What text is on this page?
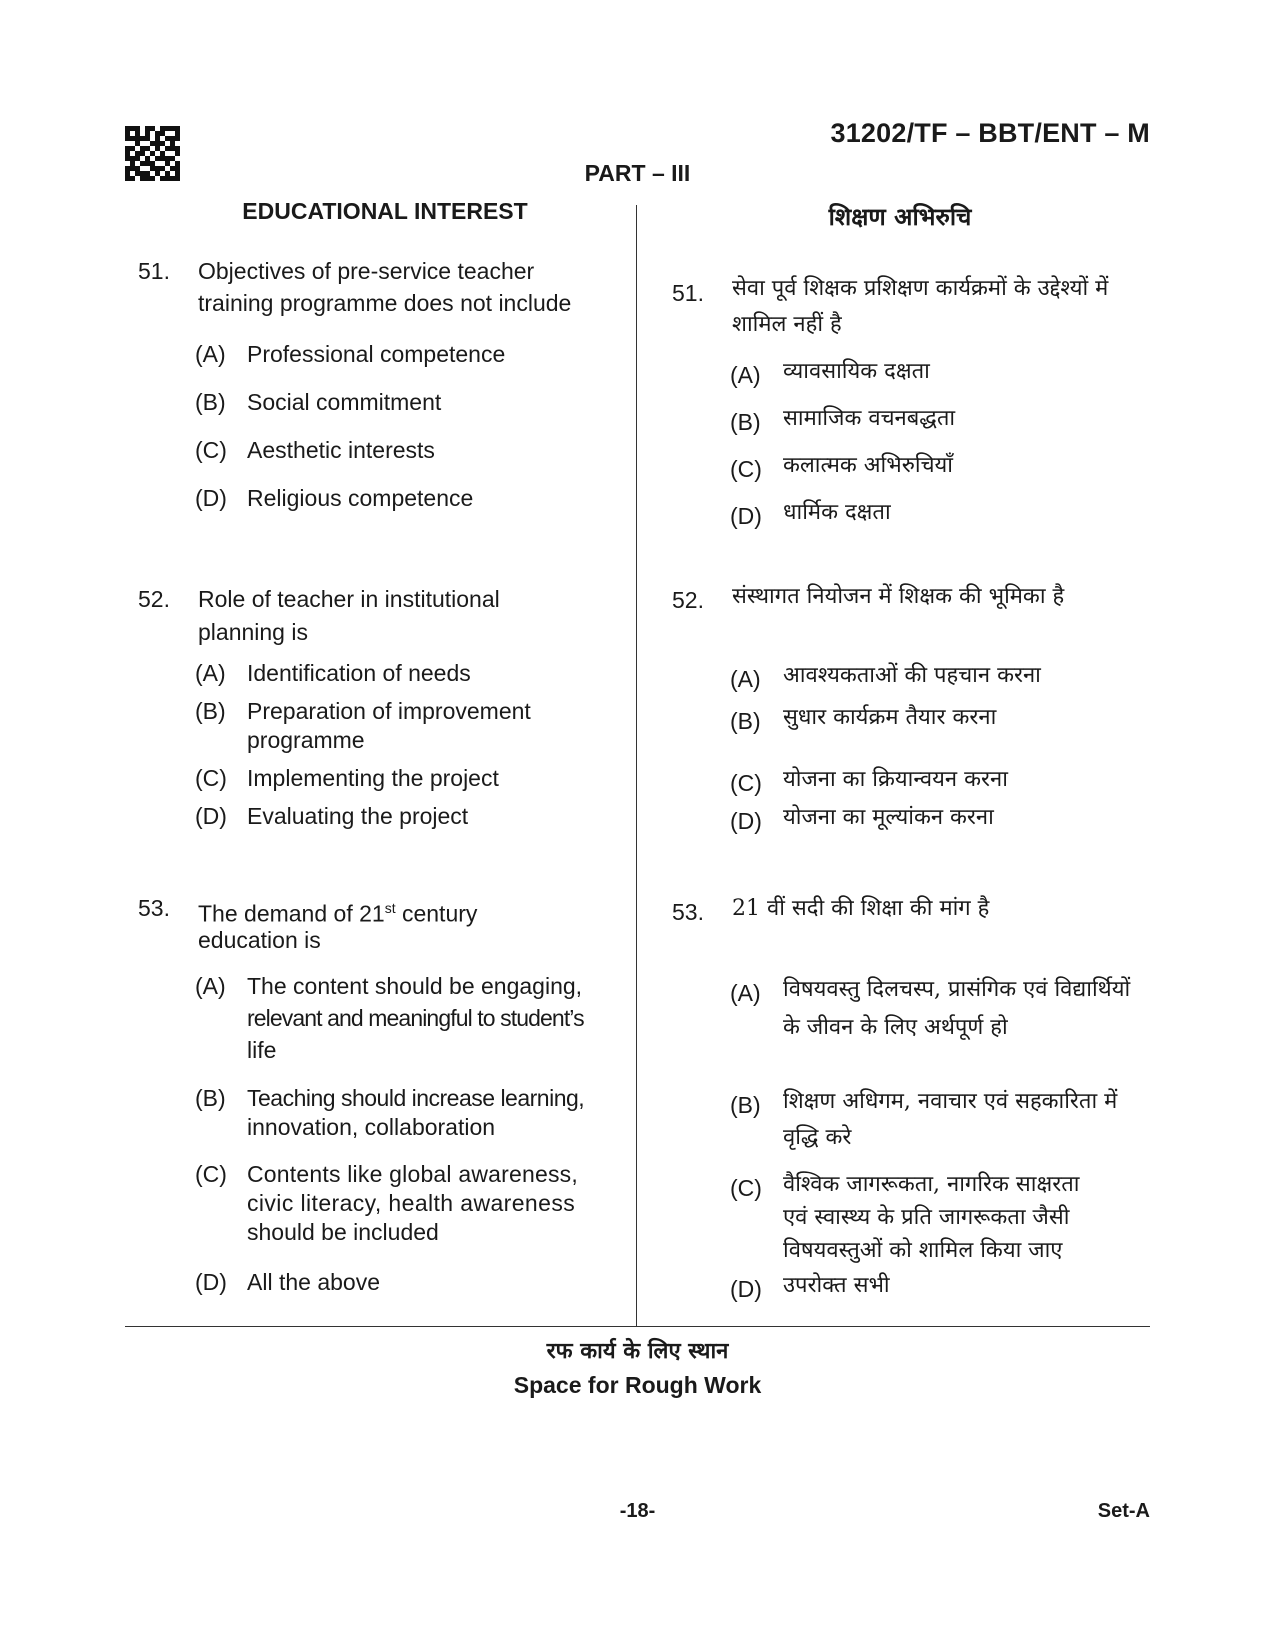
31202/TF – BBT/ENT – M
PART – III
EDUCATIONAL INTEREST	शिक्षण अभिरुचि
51. Objectives of pre-service teacher
training programme does not include
(A) Professional competence
(B) Social commitment
(C) Aesthetic interests
(D) Religious competence
52. Role of teacher in institutional
planning is
(A) Identification of needs
(B) Preparation of improvement
programme
(C) Implementing the project
(D) Evaluating the project
53. The demand of 21st century
education is
(A) The content should be engaging,
relevant and meaningful to student’s
life
(B) Teaching should increase learning,
innovation, collaboration
(C) Contents like global awareness,
civic literacy, health awareness
should be included
(D) All the above
51. सेवा पूर्व शिक्षक प्रशिक्षण कार्यक्रमों के उद्देश्यों में
शामिल नहीं है
(A) व्यावसायिक दक्षता
(B) सामाजिक वचनबद्धता
(C) कलात्मक अभिरुचियाँ
(D) धार्मिक दक्षता
52. संस्थागत नियोजन में शिक्षक की भूमिका है
(A) आवश्यकताओं की पहचान करना
(B) सुधार कार्यक्रम तैयार करना
(C) योजना का क्रियान्वयन करना
(D) योजना का मूल्यांकन करना
53. 21 वीं सदी की शिक्षा की मांग है
(A) विषयवस्तु दिलचस्प, प्रासंगिक एवं विद्यार्थियों
के जीवन के लिए अर्थपूर्ण हो
(B) शिक्षण अधिगम, नवाचार एवं सहकारिता में
वृद्धि करे
(C) वैश्विक जागरूकता, नागरिक साक्षरता
एवं स्वास्थ्य के प्रति जागरूकता जैसी
विषयवस्तुओं को शामिल किया जाए
(D) उपरोक्त सभी
रफ कार्य के लिए स्थान
Space for Rough Work
-18-	Set-A
